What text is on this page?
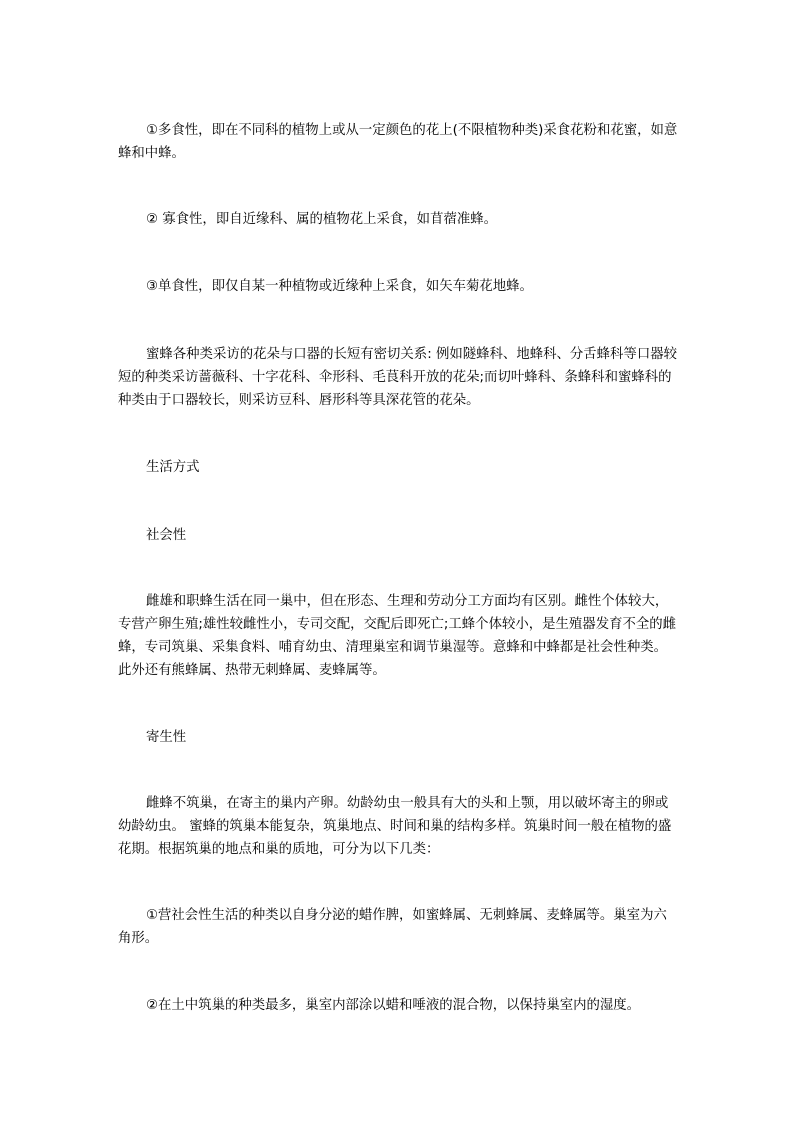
①多食性，即在不同科的植物上或从一定颜色的花上(不限植物种类)采食花粉和花蜜，如意蜂和中蜂。

② 寡食性，即自近缘科、属的植物花上采食，如苜蓿准蜂。

③单食性，即仅自某一种植物或近缘种上采食，如矢车菊花地蜂。

蜜蜂各种类采访的花朵与口器的长短有密切关系: 例如隧蜂科、地蜂科、分舌蜂科等口器较短的种类采访蔷薇科、十字花科、伞形科、毛茛科开放的花朵;而切叶蜂科、条蜂科和蜜蜂科的种类由于口器较长，则采访豆科、唇形科等具深花管的花朵。

生活方式

社会性

雌雄和职蜂生活在同一巢中，但在形态、生理和劳动分工方面均有区别。雌性个体较大，专营产卵生殖;雄性较雌性小，专司交配，交配后即死亡;工蜂个体较小，是生殖器发育不全的雌蜂，专司筑巢、采集食料、哺育幼虫、清理巢室和调节巢湿等。意蜂和中蜂都是社会性种类。此外还有熊蜂属、热带无刺蜂属、麦蜂属等。

寄生性

雌蜂不筑巢，在寄主的巢内产卵。幼龄幼虫一般具有大的头和上颚，用以破坏寄主的卵或幼龄幼虫。 蜜蜂的筑巢本能复杂，筑巢地点、时间和巢的结构多样。筑巢时间一般在植物的盛花期。根据筑巢的地点和巢的质地，可分为以下几类：

①营社会性生活的种类以自身分泌的蜡作脾，如蜜蜂属、无刺蜂属、麦蜂属等。巢室为六角形。

②在土中筑巢的种类最多，巢室内部涂以蜡和唾液的混合物，以保持巢室内的湿度。
